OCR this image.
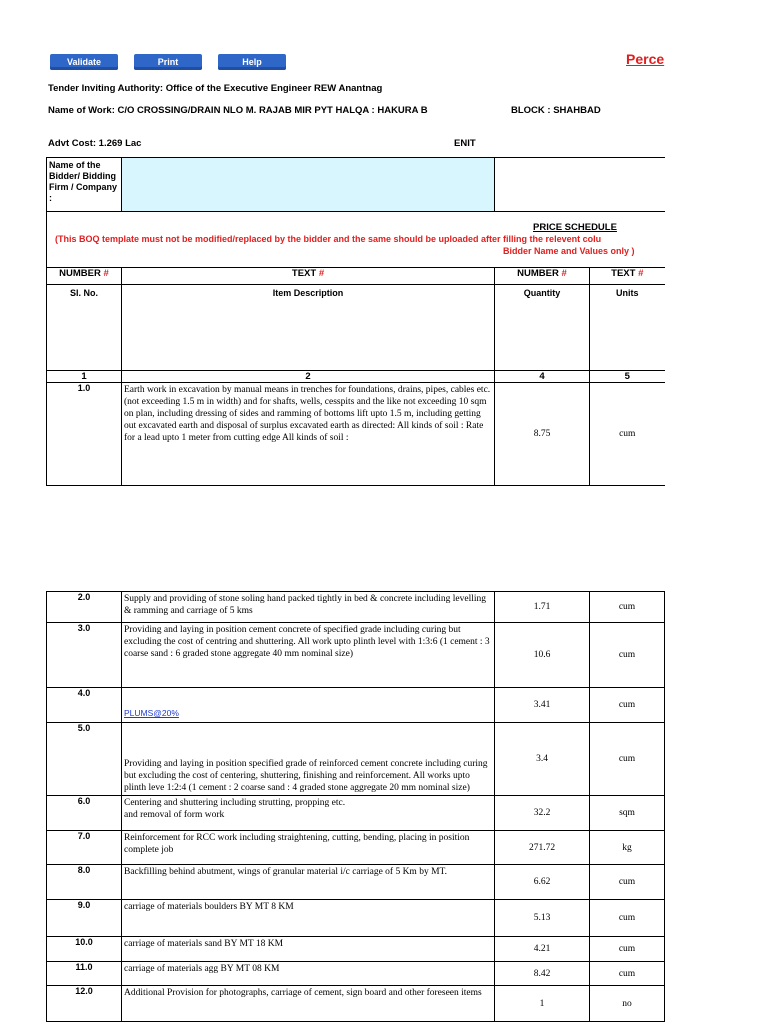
Validate	Print	Help	Perce
Tender Inviting Authority: Office of the Executive Engineer REW Anantnag
Name of Work: C/O CROSSING/DRAIN NLO M. RAJAB MIR PYT HALQA : HAKURA B	BLOCK : SHAHBAD
Advt Cost: 1.269 Lac	ENIT
Name of the Bidder/ Bidding Firm / Company :			

PRICE SCHEDULE
(This BOQ template must not be modified/replaced by the bidder and the same should be uploaded after filling the relevent colu
Bidder Name and Values only )			

NUMBER #	TEXT #	NUMBER #	TEXT #
Sl. No.	Item Description	Quantity	Units
1	2	4	5
1.0	Earth work in excavation by manual means in trenches for foundations, drains, pipes, cables etc. (not exceeding 1.5 m in width) and for shafts, wells, cesspits and the like not exceeding 10 sqm on plan, including dressing of sides and ramming of bottoms lift upto 1.5 m, including getting out excavated earth and disposal of surplus excavated earth as directed: All kinds of soil : Rate for a lead upto 1 meter from cutting edge All kinds of soil :	8.75	cum
2.0	Supply and providing of stone soling hand packed tightly in bed & concrete including levelling & ramming and carriage of 5 kms	1.71	cum
3.0	Providing and laying in position cement concrete of specified grade including curing but excluding the cost of centring and shuttering. All work upto plinth level with 1:3:6 (1 cement : 3 coarse sand : 6 graded stone aggregate 40 mm nominal size)	10.6	cum
4.0	PLUMS@20%	3.41	cum
5.0	Providing and laying in position specified grade of reinforced cement concrete including curing but excluding the cost of centering, shuttering, finishing and reinforcement. All works upto plinth leve 1:2:4 (1 cement : 2 coarse sand : 4 graded stone aggregate 20 mm nominal size)	3.4	cum
6.0	Centering and shuttering including strutting, propping etc. and removal of form work	32.2	sqm
7.0	Reinforcement for RCC work including straightening, cutting, bending, placing in position complete job	271.72	kg
8.0	Backfilling behind abutment, wings of granular material i/c carriage of 5 Km by MT.	6.62	cum
9.0	carriage of materials boulders BY MT 8 KM	5.13	cum
10.0	carriage of materials sand BY MT 18 KM	4.21	cum
11.0	carriage of materials agg BY MT 08 KM	8.42	cum
12.0	Additional Provision for photographs, carriage of cement, sign board and other foreseen items	1	no
